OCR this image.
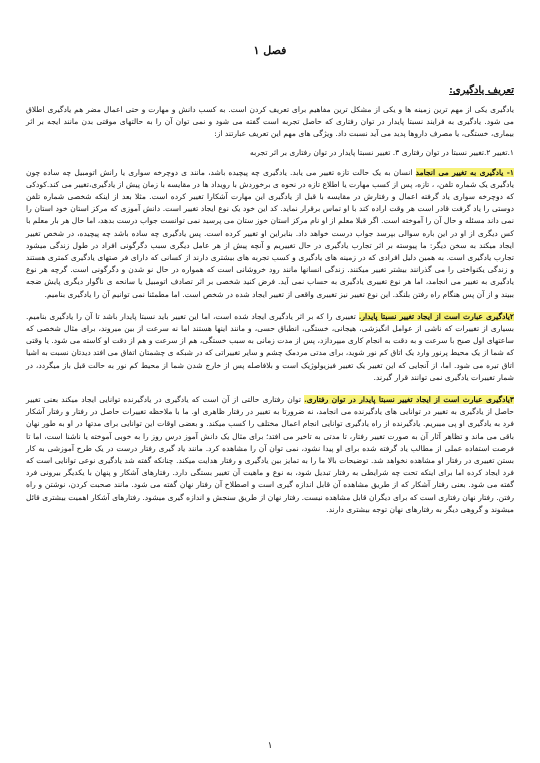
فصل ۱
تعریف یادگیری:

یادگیری یکی از مهم ترین زمینه ها و یکی از مشکل ترین مفاهیم برای تعریف کردن است. به کسب دانش و مهارت و حتی اعمال مضر هم یادگیری اطلاق می شود. یادگیری به فرایند نسبتا پایدار در توان رفتاری که حاصل تجربه است گفته می شود و نمی توان آن را به حالتهای موقتی بدن مانند ایجه بر اثر بیماری، خستگی، یا مصرف داروها پدید می آید نسبت داد. ویژگی های مهم این تعریف عبارتند از:

۱.تغییر ۲.تغییر نسبتا در توان رفتاری ۳. تغییر نسبتا پایدار در توان رفتاری بر اثر تجربه

۱- یادگیری به تغییر می انجامد انسان به یک حالت تازه تغییر می یابد. یادگیری چه پیچیده باشد، مانند ی دوچرخه سواری یا رانش اتومبیل چه ساده چون یادگیری یک شماره تلفن، ، تازه، پس از کسب مهارت یا اطلاع تازه در نحوه ی برخوردش با رویداد ها در مقایسه با زمان پیش از یادگیری،تغییر می کند.کودکی که دوچرخه سواری یاد گرفته اعمال و رفتارش در مقایسه با قبل از یادگیری این مهارت آشکارا تغییر کرده است. مثلا بعد از اینکه شخصی شماره تلفن دوستی را یاد گرفت قادر است هر وقت اراده کند با او تماس برقرار نماید. کد این خود یک نوع ایجاد تغییر است. دانش آموزی که مرکز استان خود استان را نمی داند مسئله و حال آن را آموخته است. اگر قبلا معلم از او نام مرکز استان خوز ستان می پرسید نمی توانست جواب درست بدهد، اما حال هر بار معلم با کس دیگری از او در این باره سوالی بپرسد جواب درست خواهد داد. بنابراین او تغییر کرده است. پس یادگیری چه ساده باشد چه پیچیده، در شخص تغییر ایجاد میکند به سخن دیگر: ما پیوسته بر اثر تجارب یادگیری در حال تغییریم و آنچه پیش از هر عامل دیگری سبب دگرگونی افراد در طول زندگی میشود تجارب یادگیری است. به همین دلیل افرادی که در زمینه های یادگیری و کسب تجربه های بیشتری دارند از کسانی که دارای فر صتهای یادگیری کمتری هستند و زندگی یکنواختی را می گذرانند بیشتر تغییر میکنند. زندگی انسانها مانند رود خروشانی است که همواره در حال نو شدن و دگرگونی است. گرچه هر نوع یادگیری به تغییر می انجامد، اما هر نوع تغییری یادگیری به حساب نمی آید. فرض کنید شخصی بر اثر تصادف اتومبیل یا سانحه ی ناگوار دیگری پایش ضجه ببیند و از آن پس هنگام راه رفتن بلنگد. این نوع تغییر نیز تغییری واقعی از تغییر ایجاد شده در شخص است. اما مطمئنا نمی توانیم آن را یادگیری بنامیم.

۲یادگیری عبارت است از ایجاد تغییر نسبتا پایدار. تغییری را که بر اثر یادگیری ایجاد شده است، اما این تغییر باید نسبتا پایدار باشد تا آن را یادگیری بنامیم. بسیاری از تغییرات که ناشی از عوامل انگیزشی، هیجانی، خستگی، انطباق حسی، و مانند اینها هستند اما نه سرعت از بین میروند، برای مثال شخصی که ساعتهای اول صبح با سرعت و به دقت به انجام کاری میپردازد، پس از مدت زمانی به سبب خستگی، هم از سرعت و هم از دقت او کاسته می شود. یا وقتی که شما از یک محیط پرنور وارد یک اتاق کم نور شوید، برای مدتی مردمک چشم و سایر تغییراتی که در شبکه ی چشمتان اتفاق می افتد دیدتان نسبت به اشیا اتاق تیره می شود. اما، از آنجایی که این تغییر یک تغییر فیزیولوژیک است و بلافاصله پس از خارج شدن شما از محیط کم نور به حالت قبل باز میگردد، در شمار تغییرات یادگیری نمی توانند قرار گیرند.

۳یادگیری عبارت است از ایجاد تغییر نسبتا پایدار در توان رفتاری. توان رفتاری حالتی از آن است که یادگیری در یادگیرنده توانایی ایجاد میکند بعنی تغییر حاصل از یادگیری به تغییر در توانایی های یادگیرنده می انجامد، نه ضرورتا به تغییر در رفتار ظاهری او. ما با ملاحظه تغییرات حاصل در رفتار و رفتار آشکار فرد به یادگیری او پی میبریم. یادگیرنده از راه یادگیری توانایی انجام اعمال مختلف را کسب میکند. و بعضی اوقات این توانایی برای مدتها در او به طور نهان باقی می ماند و تظاهر آثار آن به صورت تغییر رفتار، تا مدتی به تاخیر می افتد؛ برای مثال یک دانش آموز درس روز را به خوبی آموخته یا ناشنا است، اما تا فرصت استفاده عملی از مطالب یاد گرفته شده برای او پیدا نشود، نمی توان آن را مشاهده کرد. مانند یاد گیری رفتار درست در یک طرح آموزشی به کار بستن تغییری در رفتار او مشاهده نخواهد شد. توضیحات بالا ما را به تمایز بین یادگیری و رفتار هدایت میکند. چنانکه گفته شد یادگیری نوعی توانایی است که فرد ایجاد کرده اما برای اینکه تحت چه شرایطی به رفتار تبدیل شود، به نوع و ماهیت آن تغییر بستگی دارد. رفتارهای آشکار و پنهان با یکدیگر بیرونی فرد گفته می شود. بعنی رفتار آشکار که از طریق مشاهده آن قابل اندازه گیری است و اصطلاح آن رفتار نهان گفته می شود. مانند صحبت کردن، نوشتن و راه رفتن. رفتار نهان رفتاری است که برای دیگران قابل مشاهده نیست. رفتار نهان از طریق سنجش و اندازه گیری میشود. رفتارهای آشکار اهمیت بیشتری قائل میشوند و گروهی دیگر به رفتارهای نهان توجه بیشتری دارند.

۱
